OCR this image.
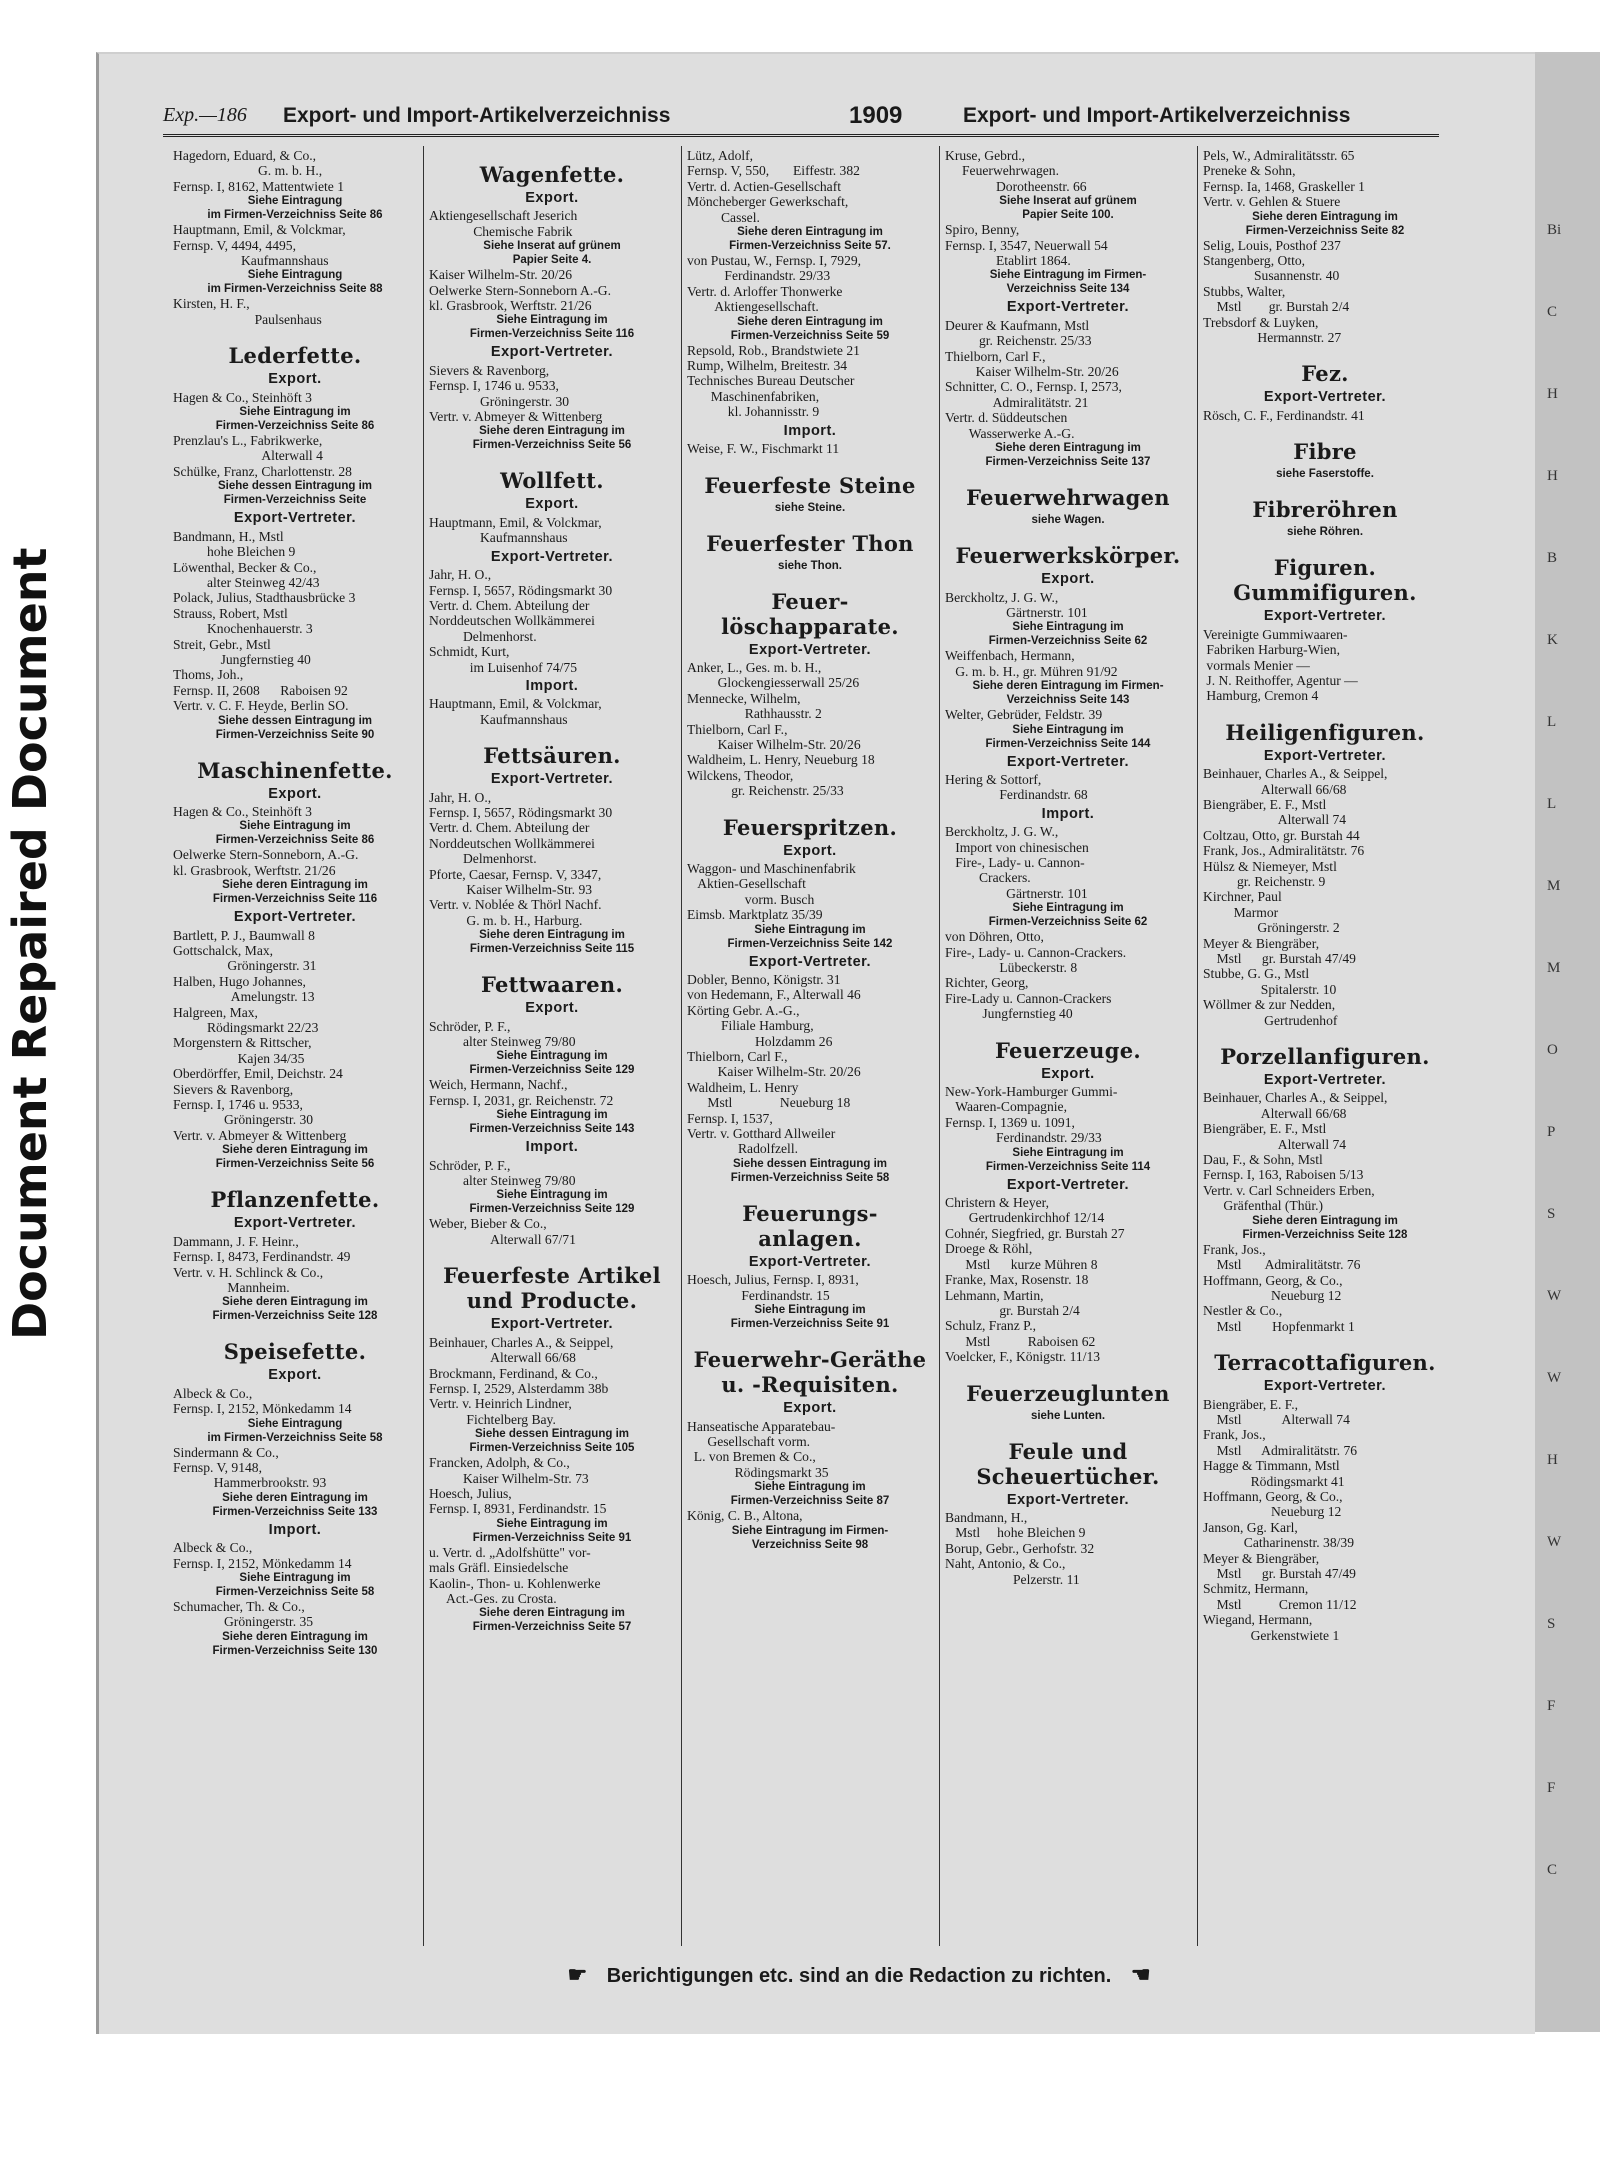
Document Repaired Document
Bi
C
H
H
B
K
L
L
M
M
O
P
S
W
W
H
W
S
F
F
C
Exp.—186 Export- und Import-Artikelverzeichniss	1909	Export- und Import-Artikelverzeichniss
Hagedorn, Eduard, & Co.,
G. m. b. H.,
Fernsp. I, 8162, Mattentwiete 1
Siehe Eintragung
im Firmen-Verzeichniss Seite 86
Hauptmann, Emil, & Volckmar,
Fernsp. V, 4494, 4495,
Kaufmannshaus
Siehe Eintragung
im Firmen-Verzeichniss Seite 88
Kirsten, H. F.,
Paulsenhaus
Lederfette.
Export.
Hagen & Co., Steinhöft 3
Siehe Eintragung im
Firmen-Verzeichniss Seite 86
Prenzlau's L., Fabrikwerke,
Alterwall 4
Schülke, Franz, Charlottenstr. 28
Siehe dessen Eintragung im
Firmen-Verzeichniss Seite
Export-Vertreter.
Bandmann, H., Mstl
hohe Bleichen 9
Löwenthal, Becker & Co.,
alter Steinweg 42/43
Polack, Julius, Stadthausbrücke 3
Strauss, Robert, Mstl
Knochenhauerstr. 3
Streit, Gebr., Mstl
Jungfernstieg 40
Thoms, Joh.,
Fernsp. II, 2608      Raboisen 92
Vertr. v. C. F. Heyde, Berlin SO.
Siehe dessen Eintragung im
Firmen-Verzeichniss Seite 90
Maschinenfette.
Export.
Hagen & Co., Steinhöft 3
Siehe Eintragung im
Firmen-Verzeichniss Seite 86
Oelwerke Stern-Sonneborn, A.-G.
kl. Grasbrook, Werftstr. 21/26
Siehe deren Eintragung im
Firmen-Verzeichniss Seite 116
Export-Vertreter.
Bartlett, P. J., Baumwall 8
Gottschalck, Max,
Gröningerstr. 31
Halben, Hugo Johannes,
Amelungstr. 13
Halgreen, Max,
Rödingsmarkt 22/23
Morgenstern & Rittscher,
Kajen 34/35
Oberdörffer, Emil, Deichstr. 24
Sievers & Ravenborg,
Fernsp. I, 1746 u. 9533,
Gröningerstr. 30
Vertr. v. Abmeyer & Wittenberg
Siehe deren Eintragung im
Firmen-Verzeichniss Seite 56
Pflanzenfette.
Export-Vertreter.
Dammann, J. F. Heinr.,
Fernsp. I, 8473, Ferdinandstr. 49
Vertr. v. H. Schlinck & Co.,
Mannheim.
Siehe deren Eintragung im
Firmen-Verzeichniss Seite 128
Speisefette.
Export.
Albeck & Co.,
Fernsp. I, 2152, Mönkedamm 14
Siehe Eintragung
im Firmen-Verzeichniss Seite 58
Sindermann & Co.,
Fernsp. V, 9148,
Hammerbrookstr. 93
Siehe deren Eintragung im
Firmen-Verzeichniss Seite 133
Import.
Albeck & Co.,
Fernsp. I, 2152, Mönkedamm 14
Siehe Eintragung im
Firmen-Verzeichniss Seite 58
Schumacher, Th. & Co.,
Gröningerstr. 35
Siehe deren Eintragung im
Firmen-Verzeichniss Seite 130
Wagenfette.
Export.
Aktiengesellschaft Jeserich
Chemische Fabrik
Siehe Inserat auf grünem
Papier Seite 4.
Kaiser Wilhelm-Str. 20/26
Oelwerke Stern-Sonneborn A.-G.
kl. Grasbrook, Werftstr. 21/26
Siehe Eintragung im
Firmen-Verzeichniss Seite 116
Export-Vertreter.
Sievers & Ravenborg,
Fernsp. I, 1746 u. 9533,
Gröningerstr. 30
Vertr. v. Abmeyer & Wittenberg
Siehe deren Eintragung im
Firmen-Verzeichniss Seite 56
Wollfett.
Export.
Hauptmann, Emil, & Volckmar,
Kaufmannshaus
Export-Vertreter.
Jahr, H. O.,
Fernsp. I, 5657, Rödingsmarkt 30
Vertr. d. Chem. Abteilung der
Norddeutschen Wollkämmerei
Delmenhorst.
Schmidt, Kurt,
im Luisenhof 74/75
Import.
Hauptmann, Emil, & Volckmar,
Kaufmannshaus
Fettsäuren.
Export-Vertreter.
Jahr, H. O.,
Fernsp. I, 5657, Rödingsmarkt 30
Vertr. d. Chem. Abteilung der
Norddeutschen Wollkämmerei
Delmenhorst.
Pforte, Caesar, Fernsp. V, 3347,
Kaiser Wilhelm-Str. 93
Vertr. v. Noblée & Thörl Nachf.
G. m. b. H., Harburg.
Siehe deren Eintragung im
Firmen-Verzeichniss Seite 115
Fettwaaren.
Export.
Schröder, P. F.,
alter Steinweg 79/80
Siehe Eintragung im
Firmen-Verzeichniss Seite 129
Weich, Hermann, Nachf.,
Fernsp. I, 2031, gr. Reichenstr. 72
Siehe Eintragung im
Firmen-Verzeichniss Seite 143
Import.
Schröder, P. F.,
alter Steinweg 79/80
Siehe Eintragung im
Firmen-Verzeichniss Seite 129
Weber, Bieber & Co.,
Alterwall 67/71
Feuerfeste Artikel
und Producte.
Export-Vertreter.
Beinhauer, Charles A., & Seippel,
Alterwall 66/68
Brockmann, Ferdinand, & Co.,
Fernsp. I, 2529, Alsterdamm 38b
Vertr. v. Heinrich Lindner,
Fichtelberg Bay.
Siehe dessen Eintragung im
Firmen-Verzeichniss Seite 105
Francken, Adolph, & Co.,
Kaiser Wilhelm-Str. 73
Hoesch, Julius,
Fernsp. I, 8931, Ferdinandstr. 15
Siehe Eintragung im
Firmen-Verzeichniss Seite 91
u. Vertr. d. „Adolfshütte" vor-
mals Gräfl. Einsiedelsche
Kaolin-, Thon- u. Kohlenwerke
Act.-Ges. zu Crosta.
Siehe deren Eintragung im
Firmen-Verzeichniss Seite 57
Lütz, Adolf,
Fernsp. V, 550,       Eiffestr. 382
Vertr. d. Actien-Gesellschaft
Möncheberger Gewerkschaft,
Cassel.
Siehe deren Eintragung im
Firmen-Verzeichniss Seite 57.
von Pustau, W., Fernsp. I, 7929,
Ferdinandstr. 29/33
Vertr. d. Arloffer Thonwerke
Aktiengesellschaft.
Siehe deren Eintragung im
Firmen-Verzeichniss Seite 59
Repsold, Rob., Brandstwiete 21
Rump, Wilhelm, Breitestr. 34
Technisches Bureau Deutscher
Maschinenfabriken,
kl. Johannisstr. 9
Import.
Weise, F. W., Fischmarkt 11
Feuerfeste Steine
siehe Steine.
Feuerfester Thon
siehe Thon.
Feuer-
löschapparate.
Export-Vertreter.
Anker, L., Ges. m. b. H.,
Glockengiesserwall 25/26
Mennecke, Wilhelm,
Rathhausstr. 2
Thielborn, Carl F.,
Kaiser Wilhelm-Str. 20/26
Waldheim, L. Henry, Neueburg 18
Wilckens, Theodor,
gr. Reichenstr. 25/33
Feuerspritzen.
Export.
Waggon- und Maschinenfabrik
Aktien-Gesellschaft
vorm. Busch
Eimsb. Marktplatz 35/39
Siehe Eintragung im
Firmen-Verzeichniss Seite 142
Export-Vertreter.
Dobler, Benno, Königstr. 31
von Hedemann, F., Alterwall 46
Körting Gebr. A.-G.,
Filiale Hamburg,
Holzdamm 26
Thielborn, Carl F.,
Kaiser Wilhelm-Str. 20/26
Waldheim, L. Henry
Mstl              Neueburg 18
Fernsp. I, 1537,
Vertr. v. Gotthard Allweiler
Radolfzell.
Siehe dessen Eintragung im
Firmen-Verzeichniss Seite 58
Feuerungs-
anlagen.
Export-Vertreter.
Hoesch, Julius, Fernsp. I, 8931,
Ferdinandstr. 15
Siehe Eintragung im
Firmen-Verzeichniss Seite 91
Feuerwehr-Geräthe
u. -Requisiten.
Export.
Hanseatische Apparatebau-
Gesellschaft vorm.
L. von Bremen & Co.,
Rödingsmarkt 35
Siehe Eintragung im
Firmen-Verzeichniss Seite 87
König, C. B., Altona,
Siehe Eintragung im Firmen-
Verzeichniss Seite 98
Kruse, Gebrd.,
Feuerwehrwagen.
Dorotheenstr. 66
Siehe Inserat auf grünem
Papier Seite 100.
Spiro, Benny,
Fernsp. I, 3547, Neuerwall 54
Etablirt 1864.
Siehe Eintragung im Firmen-
Verzeichniss Seite 134
Export-Vertreter.
Deurer & Kaufmann, Mstl
gr. Reichenstr. 25/33
Thielborn, Carl F.,
Kaiser Wilhelm-Str. 20/26
Schnitter, C. O., Fernsp. I, 2573,
Admiralitätstr. 21
Vertr. d. Süddeutschen
Wasserwerke A.-G.
Siehe deren Eintragung im
Firmen-Verzeichniss Seite 137
Feuerwehrwagen
siehe Wagen.
Feuerwerkskörper.
Export.
Berckholtz, J. G. W.,
Gärtnerstr. 101
Siehe Eintragung im
Firmen-Verzeichniss Seite 62
Weiffenbach, Hermann,
G. m. b. H., gr. Mühren 91/92
Siehe deren Eintragung im Firmen-
Verzeichniss Seite 143
Welter, Gebrüder, Feldstr. 39
Siehe Eintragung im
Firmen-Verzeichniss Seite 144
Export-Vertreter.
Hering & Sottorf,
Ferdinandstr. 68
Import.
Berckholtz, J. G. W.,
Import von chinesischen
Fire-, Lady- u. Cannon-
Crackers.
Gärtnerstr. 101
Siehe Eintragung im
Firmen-Verzeichniss Seite 62
von Döhren, Otto,
Fire-, Lady- u. Cannon-Crackers.
Lübeckerstr. 8
Richter, Georg,
Fire-Lady u. Cannon-Crackers
Jungfernstieg 40
Feuerzeuge.
Export.
New-York-Hamburger Gummi-
Waaren-Compagnie,
Fernsp. I, 1369 u. 1091,
Ferdinandstr. 29/33
Siehe Eintragung im
Firmen-Verzeichniss Seite 114
Export-Vertreter.
Christern & Heyer,
Gertrudenkirchhof 12/14
Cohnér, Siegfried, gr. Burstah 27
Droege & Röhl,
Mstl      kurze Mühren 8
Franke, Max, Rosenstr. 18
Lehmann, Martin,
gr. Burstah 2/4
Schulz, Franz P.,
Mstl           Raboisen 62
Voelcker, F., Königstr. 11/13
Feuerzeuglunten
siehe Lunten.
Feule und
Scheuertücher.
Export-Vertreter.
Bandmann, H.,
Mstl     hohe Bleichen 9
Borup, Gebr., Gerhofstr. 32
Naht, Antonio, & Co.,
Pelzerstr. 11
Pels, W., Admiralitätsstr. 65
Preneke & Sohn,
Fernsp. Ia, 1468, Graskeller 1
Vertr. v. Gehlen & Stuere
Siehe deren Eintragung im
Firmen-Verzeichniss Seite 82
Selig, Louis, Posthof 237
Stangenberg, Otto,
Susannenstr. 40
Stubbs, Walter,
Mstl        gr. Burstah 2/4
Trebsdorf & Luyken,
Hermannstr. 27
Fez.
Export-Vertreter.
Rösch, C. F., Ferdinandstr. 41
Fibre
siehe Faserstoffe.
Fibreröhren
siehe Röhren.
Figuren.
Gummifiguren.
Export-Vertreter.
Vereinigte Gummiwaaren-
Fabriken Harburg-Wien,
vormals Menier —
J. N. Reithoffer, Agentur —
Hamburg, Cremon 4
Heiligenfiguren.
Export-Vertreter.
Beinhauer, Charles A., & Seippel,
Alterwall 66/68
Biengräber, E. F., Mstl
Alterwall 74
Coltzau, Otto, gr. Burstah 44
Frank, Jos., Admiralitätstr. 76
Hülsz & Niemeyer, Mstl
gr. Reichenstr. 9
Kirchner, Paul
Marmor
Gröningerstr. 2
Meyer & Biengräber,
Mstl      gr. Burstah 47/49
Stubbe, G. G., Mstl
Spitalerstr. 10
Wöllmer & zur Nedden,
Gertrudenhof
Porzellanfiguren.
Export-Vertreter.
Beinhauer, Charles A., & Seippel,
Alterwall 66/68
Biengräber, E. F., Mstl
Alterwall 74
Dau, F., & Sohn, Mstl
Fernsp. I, 163, Raboisen 5/13
Vertr. v. Carl Schneiders Erben,
Gräfenthal (Thür.)
Siehe deren Eintragung im
Firmen-Verzeichniss Seite 128
Frank, Jos.,
Mstl       Admiralitätstr. 76
Hoffmann, Georg, & Co.,
Neueburg 12
Nestler & Co.,
Mstl         Hopfenmarkt 1
Terracottafiguren.
Export-Vertreter.
Biengräber, E. F.,
Mstl            Alterwall 74
Frank, Jos.,
Mstl      Admiralitätstr. 76
Hagge & Timmann, Mstl
Rödingsmarkt 41
Hoffmann, Georg, & Co.,
Neueburg 12
Janson, Gg. Karl,
Catharinenstr. 38/39
Meyer & Biengräber,
Mstl      gr. Burstah 47/49
Schmitz, Hermann,
Mstl           Cremon 11/12
Wiegand, Hermann,
Gerkenstwiete 1
☛ Berichtigungen etc. sind an die Redaction zu richten. ☚
